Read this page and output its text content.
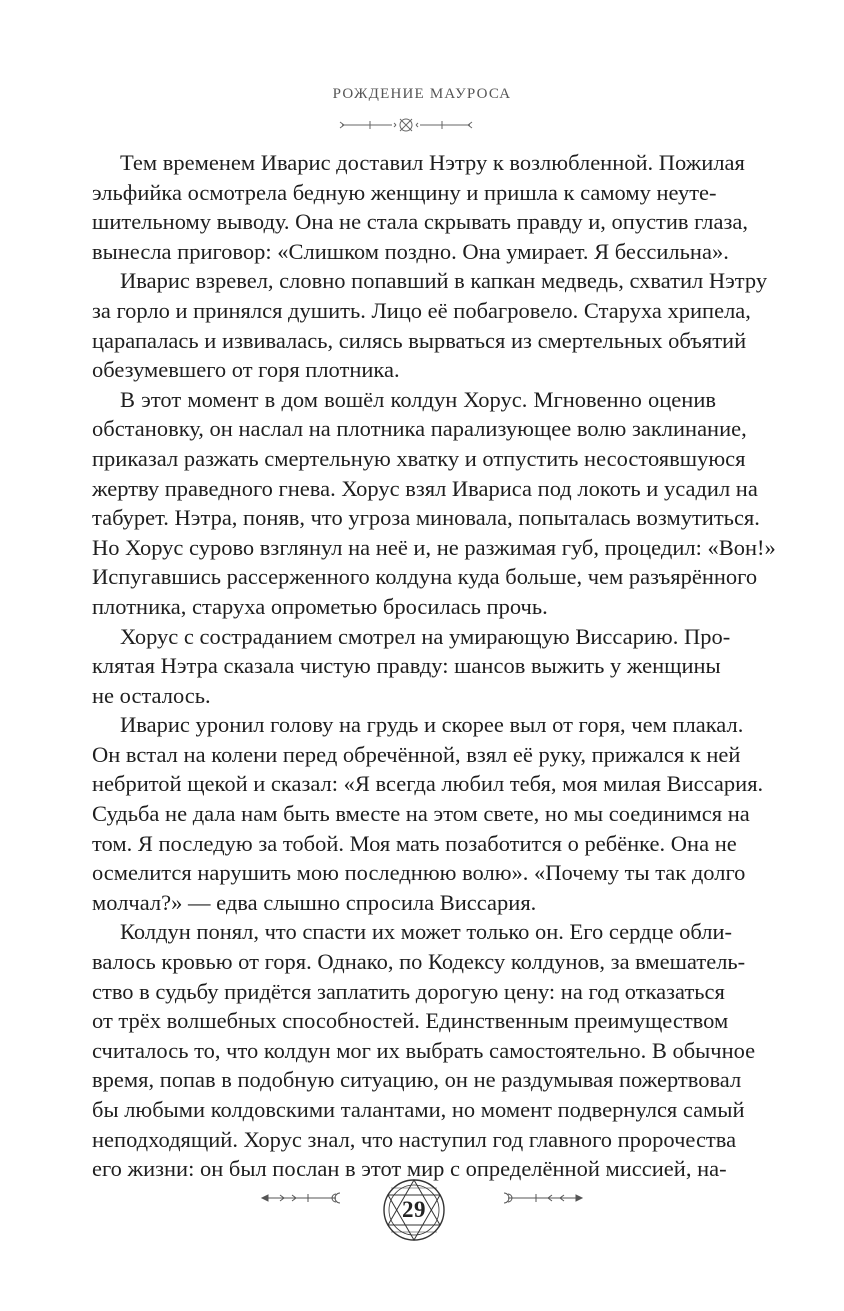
РОЖДЕНИЕ МАУРОСА
Тем временем Иварис доставил Нэтру к возлюбленной. Пожилая
эльфийка осмотрела бедную женщину и пришла к самому неуте-
шительному выводу. Она не стала скрывать правду и, опустив глаза,
вынесла приговор: «Слишком поздно. Она умирает. Я бессильна».
Иварис взревел, словно попавший в капкан медведь, схватил Нэтру
за горло и принялся душить. Лицо её побагровело. Старуха хрипела,
царапалась и извивалась, силясь вырваться из смертельных объятий
обезумевшего от горя плотника.
В этот момент в дом вошёл колдун Хорус. Мгновенно оценив
обстановку, он наслал на плотника парализующее волю заклинание,
приказал разжать смертельную хватку и отпустить несостоявшуюся
жертву праведного гнева. Хорус взял Ивариса под локоть и усадил на
табурет. Нэтра, поняв, что угроза миновала, попыталась возмутиться.
Но Хорус сурово взглянул на неё и, не разжимая губ, процедил: «Вон!»
Испугавшись рассерженного колдуна куда больше, чем разъярённого
плотника, старуха опрометью бросилась прочь.
Хорус с состраданием смотрел на умирающую Виссарию. Про-
клятая Нэтра сказала чистую правду: шансов выжить у женщины
не осталось.
Иварис уронил голову на грудь и скорее выл от горя, чем плакал.
Он встал на колени перед обречённой, взял её руку, прижался к ней
небритой щекой и сказал: «Я всегда любил тебя, моя милая Виссария.
Судьба не дала нам быть вместе на этом свете, но мы соединимся на
том. Я последую за тобой. Моя мать позаботится о ребёнке. Она не
осмелится нарушить мою последнюю волю». «Почему ты так долго
молчал?» — едва слышно спросила Виссария.
Колдун понял, что спасти их может только он. Его сердце обли-
валось кровью от горя. Однако, по Кодексу колдунов, за вмешатель-
ство в судьбу придётся заплатить дорогую цену: на год отказаться
от трёх волшебных способностей. Единственным преимуществом
считалось то, что колдун мог их выбрать самостоятельно. В обычное
время, попав в подобную ситуацию, он не раздумывая пожертвовал
бы любыми колдовскими талантами, но момент подвернулся самый
неподходящий. Хорус знал, что наступил год главного пророчества
его жизни: он был послан в этот мир с определённой миссией, на-
29
